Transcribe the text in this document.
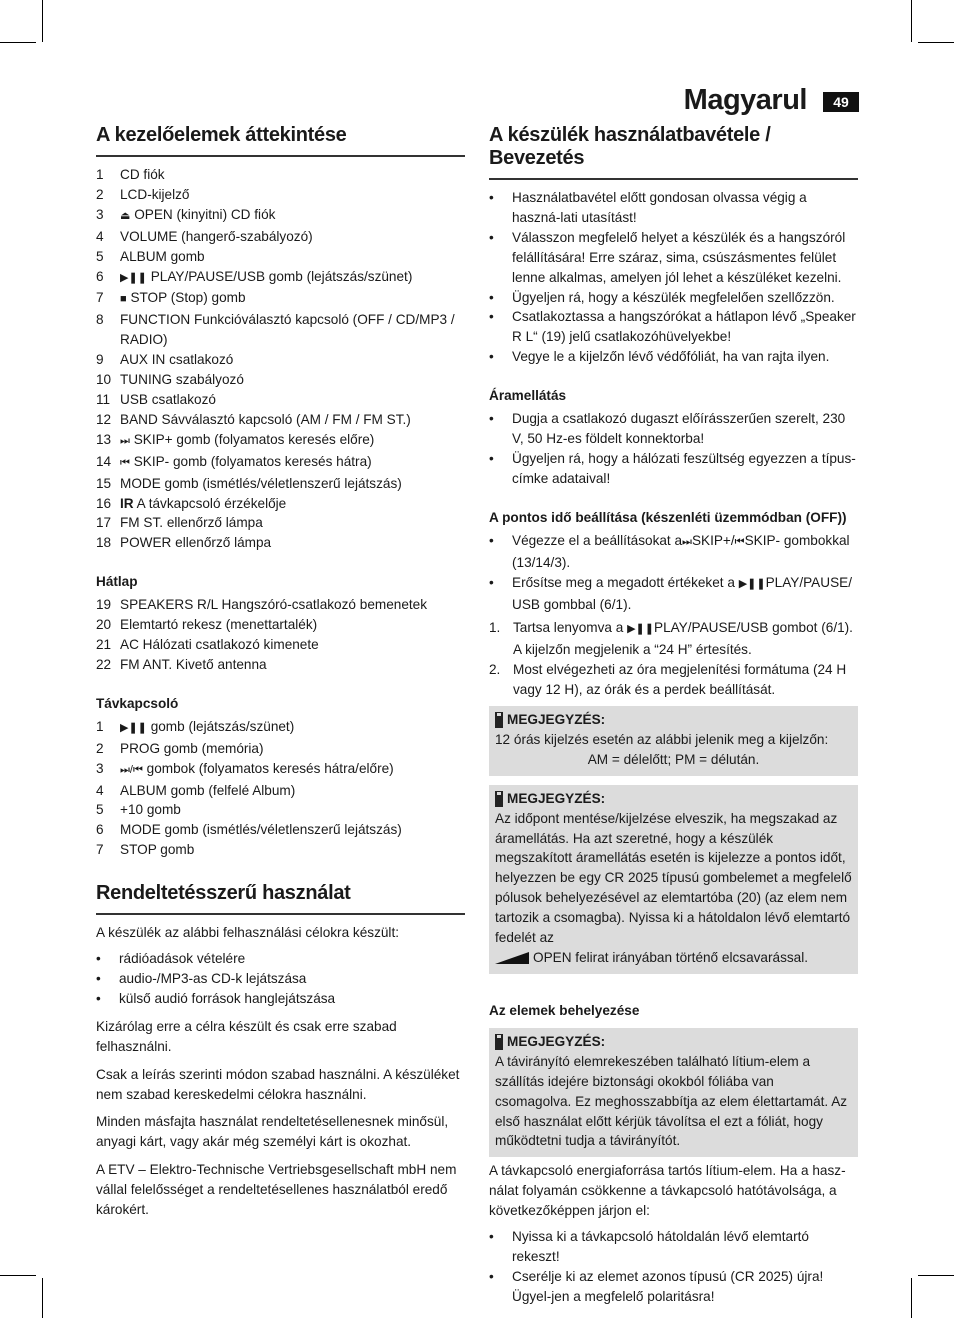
Magyarul	49
A kezelőelemek áttekintése
1	CD fiók
2	LCD-kijelző
3	⏏ OPEN (kinyitni) CD fiók
4	VOLUME (hangerő-szabályozó)
5	ALBUM gomb
6	▶❚❚ PLAY/PAUSE/USB gomb (lejátszás/szünet)
7	■ STOP (Stop) gomb
8	FUNCTION Funkcióválasztó kapcsoló (OFF / CD/MP3 / RADIO)
9	AUX IN csatlakozó
10 TUNING szabályozó
11 USB csatlakozó
12 BAND Sávválasztó kapcsoló (AM / FM / FM ST.)
13 ⏭ SKIP+ gomb (folyamatos keresés előre)
14 ⏮ SKIP- gomb (folyamatos keresés hátra)
15 MODE gomb (ismétlés/véletlenszerű lejátszás)
16 IR A távkapcsoló érzékelője
17 FM ST. ellenőrző lámpa
18 POWER ellenőrző lámpa
Hátlap
19 SPEAKERS R/L Hangszóró-csatlakozó bemenetek
20 Elemtartó rekesz (menettartalék)
21 AC Hálózati csatlakozó kimenete
22 FM ANT. Kivető antenna
Távkapcsoló
1	▶❚❚ gomb (lejátszás/szünet)
2	PROG gomb (memória)
3	⏭/⏮ gombok (folyamatos keresés hátra/előre)
4	ALBUM gomb (felfelé Album)
5	+10 gomb
6	MODE gomb (ismétlés/véletlenszerű lejátszás)
7	STOP gomb
Rendeltetésszerű használat

A készülék az alábbi felhasználási célokra készült:

•	rádióadások vételére
•	audio-/MP3-as CD-k lejátszása
•	külső audió források hanglejátszása

Kizárólag erre a célra készült és csak erre szabad felhasználni.

Csak a leírás szerinti módon szabad használni. A készüléket nem szabad kereskedelmi célokra használni.

Minden másfajta használat rendeltetésellenesnek minősül, anyagi kárt, vagy akár még személyi kárt is okozhat.

A ETV – Elektro-Technische Vertriebsgesellschaft mbH nem vállal felelősséget a rendeltetésellenes használatból eredő károkért.

A készülék használatbavétele / Bevezetés
•	Használatbavétel előtt gondosan olvassa végig a haszná-lati utasítást!
•	Válasszon megfelelő helyet a készülék és a hangszóról felállítására! Erre száraz, sima, csúszásmentes felület lenne alkalmas, amelyen jól lehet a készüléket kezelni.
•	Ügyeljen rá, hogy a készülék megfelelően szellőzzön.
•	Csatlakoztassa a hangszórókat a hátlapon lévő „Speaker R L“ (19) jelű csatlakozóhüvelyekbe!
•	Vegye le a kijelzőn lévő védőfóliát, ha van rajta ilyen.
Áramellátás
•	Dugja a csatlakozó dugaszt előírásszerűen szerelt, 230 V, 50 Hz-es földelt konnektorba!
•	Ügyeljen rá, hogy a hálózati feszültség egyezzen a típus-címke adataival!
A pontos idő beállítása (készenléti üzemmódban (OFF))
•	Végezze el a beállításokat a⏭SKIP+/⏮SKIP- gombokkal (13/14/3).
•	Erősítse meg a megadott értékeket a ▶❚❚PLAY/PAUSE/ USB gombbal (6/1).
1. Tartsa lenyomva a ▶❚❚PLAY/PAUSE/USB gombot (6/1). A kijelzőn megjelenik a “24 H” értesítés.
2. Most elvégezheti az óra megjelenítési formátuma (24 H vagy 12 H), az órák és a perdek beállítását.
MEGJEGYZÉS:

12 órás kijelzés esetén az alábbi jelenik meg a kijelzőn:

AM = délelőtt; PM = délután.

MEGJEGYZÉS:

Az időpont mentése/kijelzése elveszik, ha megszakad az áramellátás. Ha azt szeretné, hogy a készülék megszakított áramellátás esetén is kijelezze a pontos időt, helyezzen be egy CR 2025 típusú gombelemet a megfelelő pólusok behelyezésével az elemtartóba (20) (az elem nem tartozik a csomagba). Nyissa ki a hátoldalon lévő elemtartó fedelét az
OPEN felirat irányában történő elcsavarással.

Az elemek behelyezése
MEGJEGYZÉS:

A távirányító elemrekeszében található lítium-elem a szállítás idejére biztonsági okokból fóliába van csomagolva. Ez meghosszabbítja az elem élettartamát. Az első használat előtt kérjük távolítsa el ezt a fóliát, hogy működtetni tudja a távirányítót.

A távkapcsoló energiaforrása tartós lítium-elem. Ha a hasz-nálat folyamán csökkenne a távkapcsoló hatótávolsága, a következőképpen járjon el:

•	Nyissa ki a távkapcsoló hátoldalán lévő elemtartó rekeszt!
•	Cserélje ki az elemet azonos típusú (CR 2025) újra! Ügyel-jen a megfelelő polaritásra!
